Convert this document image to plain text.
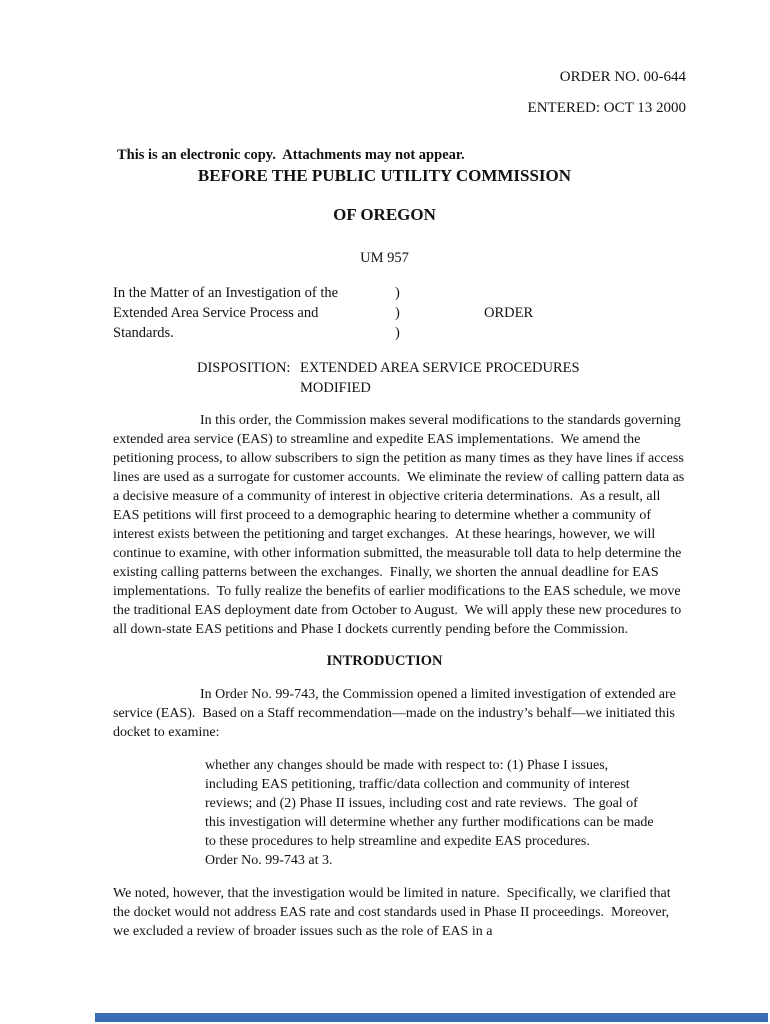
ORDER NO. 00-644
ENTERED: OCT 13 2000
This is an electronic copy.  Attachments may not appear.
BEFORE THE PUBLIC UTILITY COMMISSION
OF OREGON
UM 957
In the Matter of an Investigation of the	)
Extended Area Service Process and	)	ORDER
Standards.	)
DISPOSITION: EXTENDED AREA SERVICE PROCEDURES
MODIFIED
In this order, the Commission makes several modifications to the standards governing extended area service (EAS) to streamline and expedite EAS implementations.  We amend the petitioning process, to allow subscribers to sign the petition as many times as they have lines if access lines are used as a surrogate for customer accounts.  We eliminate the review of calling pattern data as a decisive measure of a community of interest in objective criteria determinations.  As a result, all EAS petitions will first proceed to a demographic hearing to determine whether a community of interest exists between the petitioning and target exchanges.  At these hearings, however, we will continue to examine, with other information submitted, the measurable toll data to help determine the existing calling patterns between the exchanges.  Finally, we shorten the annual deadline for EAS implementations.  To fully realize the benefits of earlier modifications to the EAS schedule, we move the traditional EAS deployment date from October to August.  We will apply these new procedures to all down-state EAS petitions and Phase I dockets currently pending before the Commission.
INTRODUCTION
In Order No. 99-743, the Commission opened a limited investigation of extended are service (EAS).  Based on a Staff recommendation—made on the industry’s behalf—we initiated this docket to examine:
whether any changes should be made with respect to: (1) Phase I issues, including EAS petitioning, traffic/data collection and community of interest reviews; and (2) Phase II issues, including cost and rate reviews.  The goal of this investigation will determine whether any further modifications can be made to these procedures to help streamline and expedite EAS procedures.
Order No. 99-743 at 3.
We noted, however, that the investigation would be limited in nature.  Specifically, we clarified that the docket would not address EAS rate and cost standards used in Phase II proceedings.  Moreover, we excluded a review of broader issues such as the role of EAS in a
